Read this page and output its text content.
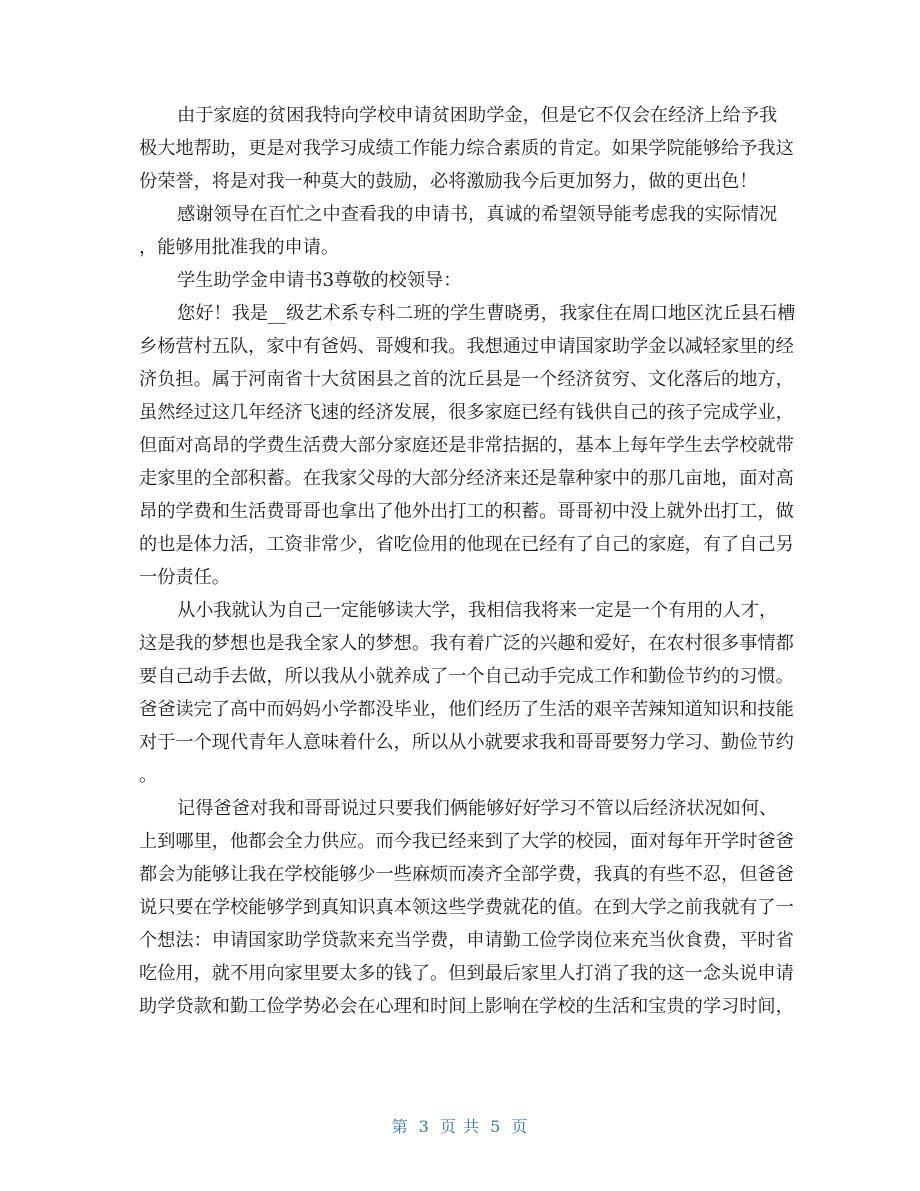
由于家庭的贫困我特向学校申请贫困助学金，但是它不仅会在经济上给予我
极大地帮助，更是对我学习成绩工作能力综合素质的肯定。如果学院能够给予我这
份荣誉，将是对我一种莫大的鼓励，必将激励我今后更加努力，做的更出色！
感谢领导在百忙之中查看我的申请书，真诚的希望领导能考虑我的实际情况
，能够用批准我的申请。
学生助学金申请书3尊敬的校领导：
您好！我是__级艺术系专科二班的学生曹晓勇，我家住在周口地区沈丘县石槽
乡杨营村五队，家中有爸妈、哥嫂和我。我想通过申请国家助学金以减轻家里的经
济负担。属于河南省十大贫困县之首的沈丘县是一个经济贫穷、文化落后的地方，
虽然经过这几年经济飞速的经济发展，很多家庭已经有钱供自己的孩子完成学业，
但面对高昂的学费生活费大部分家庭还是非常拮据的，基本上每年学生去学校就带
走家里的全部积蓄。在我家父母的大部分经济来还是靠种家中的那几亩地，面对高
昂的学费和生活费哥哥也拿出了他外出打工的积蓄。哥哥初中没上就外出打工，做
的也是体力活，工资非常少，省吃俭用的他现在已经有了自己的家庭，有了自己另
一份责任。
从小我就认为自己一定能够读大学，我相信我将来一定是一个有用的人才，
这是我的梦想也是我全家人的梦想。我有着广泛的兴趣和爱好，在农村很多事情都
要自己动手去做，所以我从小就养成了一个自己动手完成工作和勤俭节约的习惯。
爸爸读完了高中而妈妈小学都没毕业，他们经历了生活的艰辛苦辣知道知识和技能
对于一个现代青年人意味着什么，所以从小就要求我和哥哥要努力学习、勤俭节约
。
记得爸爸对我和哥哥说过只要我们俩能够好好学习不管以后经济状况如何、
上到哪里，他都会全力供应。而今我已经来到了大学的校园，面对每年开学时爸爸
都会为能够让我在学校能够少一些麻烦而凑齐全部学费，我真的有些不忍，但爸爸
说只要在学校能够学到真知识真本领这些学费就花的值。在到大学之前我就有了一
个想法：申请国家助学贷款来充当学费，申请勤工俭学岗位来充当伙食费，平时省
吃俭用，就不用向家里要太多的钱了。但到最后家里人打消了我的这一念头说申请
助学贷款和勤工俭学势必会在心理和时间上影响在学校的生活和宝贵的学习时间，
第 3 页 共 5 页
